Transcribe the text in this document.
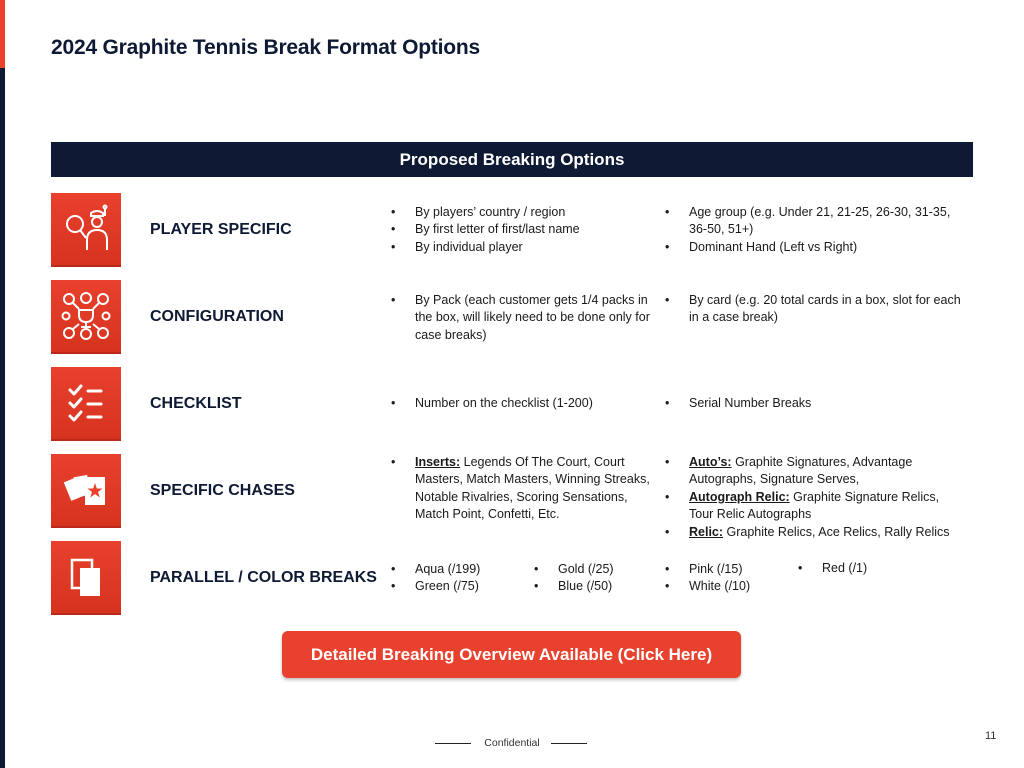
2024 Graphite Tennis Break Format Options
Proposed Breaking Options
PLAYER SPECIFIC
• By players’ country / region
• By first letter of first/last name
• By individual player
• Age group (e.g. Under 21, 21-25, 26-30, 31-35, 36-50, 51+)
• Dominant Hand (Left vs Right)
CONFIGURATION
• By Pack (each customer gets 1/4 packs in the box, will likely need to be done only for case breaks)
• By card (e.g. 20 total cards in a box, slot for each in a case break)
CHECKLIST	• Number on the checklist (1-200)	• Serial Number Breaks
SPECIFIC CHASES
• Inserts: Legends Of The Court, Court Masters, Match Masters, Winning Streaks, Notable Rivalries, Scoring Sensations, Match Point, Confetti, Etc.
• Auto’s: Graphite Signatures, Advantage Autographs, Signature Serves,
• Autograph Relic: Graphite Signature Relics, Tour Relic Autographs
• Relic: Graphite Relics, Ace Relics, Rally Relics
PARALLEL / COLOR BREAKS
• Aqua (/199)
• Green (/75)
• Gold (/25)
• Blue (/50)
• Pink (/15)
• White (/10)
• Red (/1)
Detailed Breaking Overview Available (Click Here)
Confidential
11
